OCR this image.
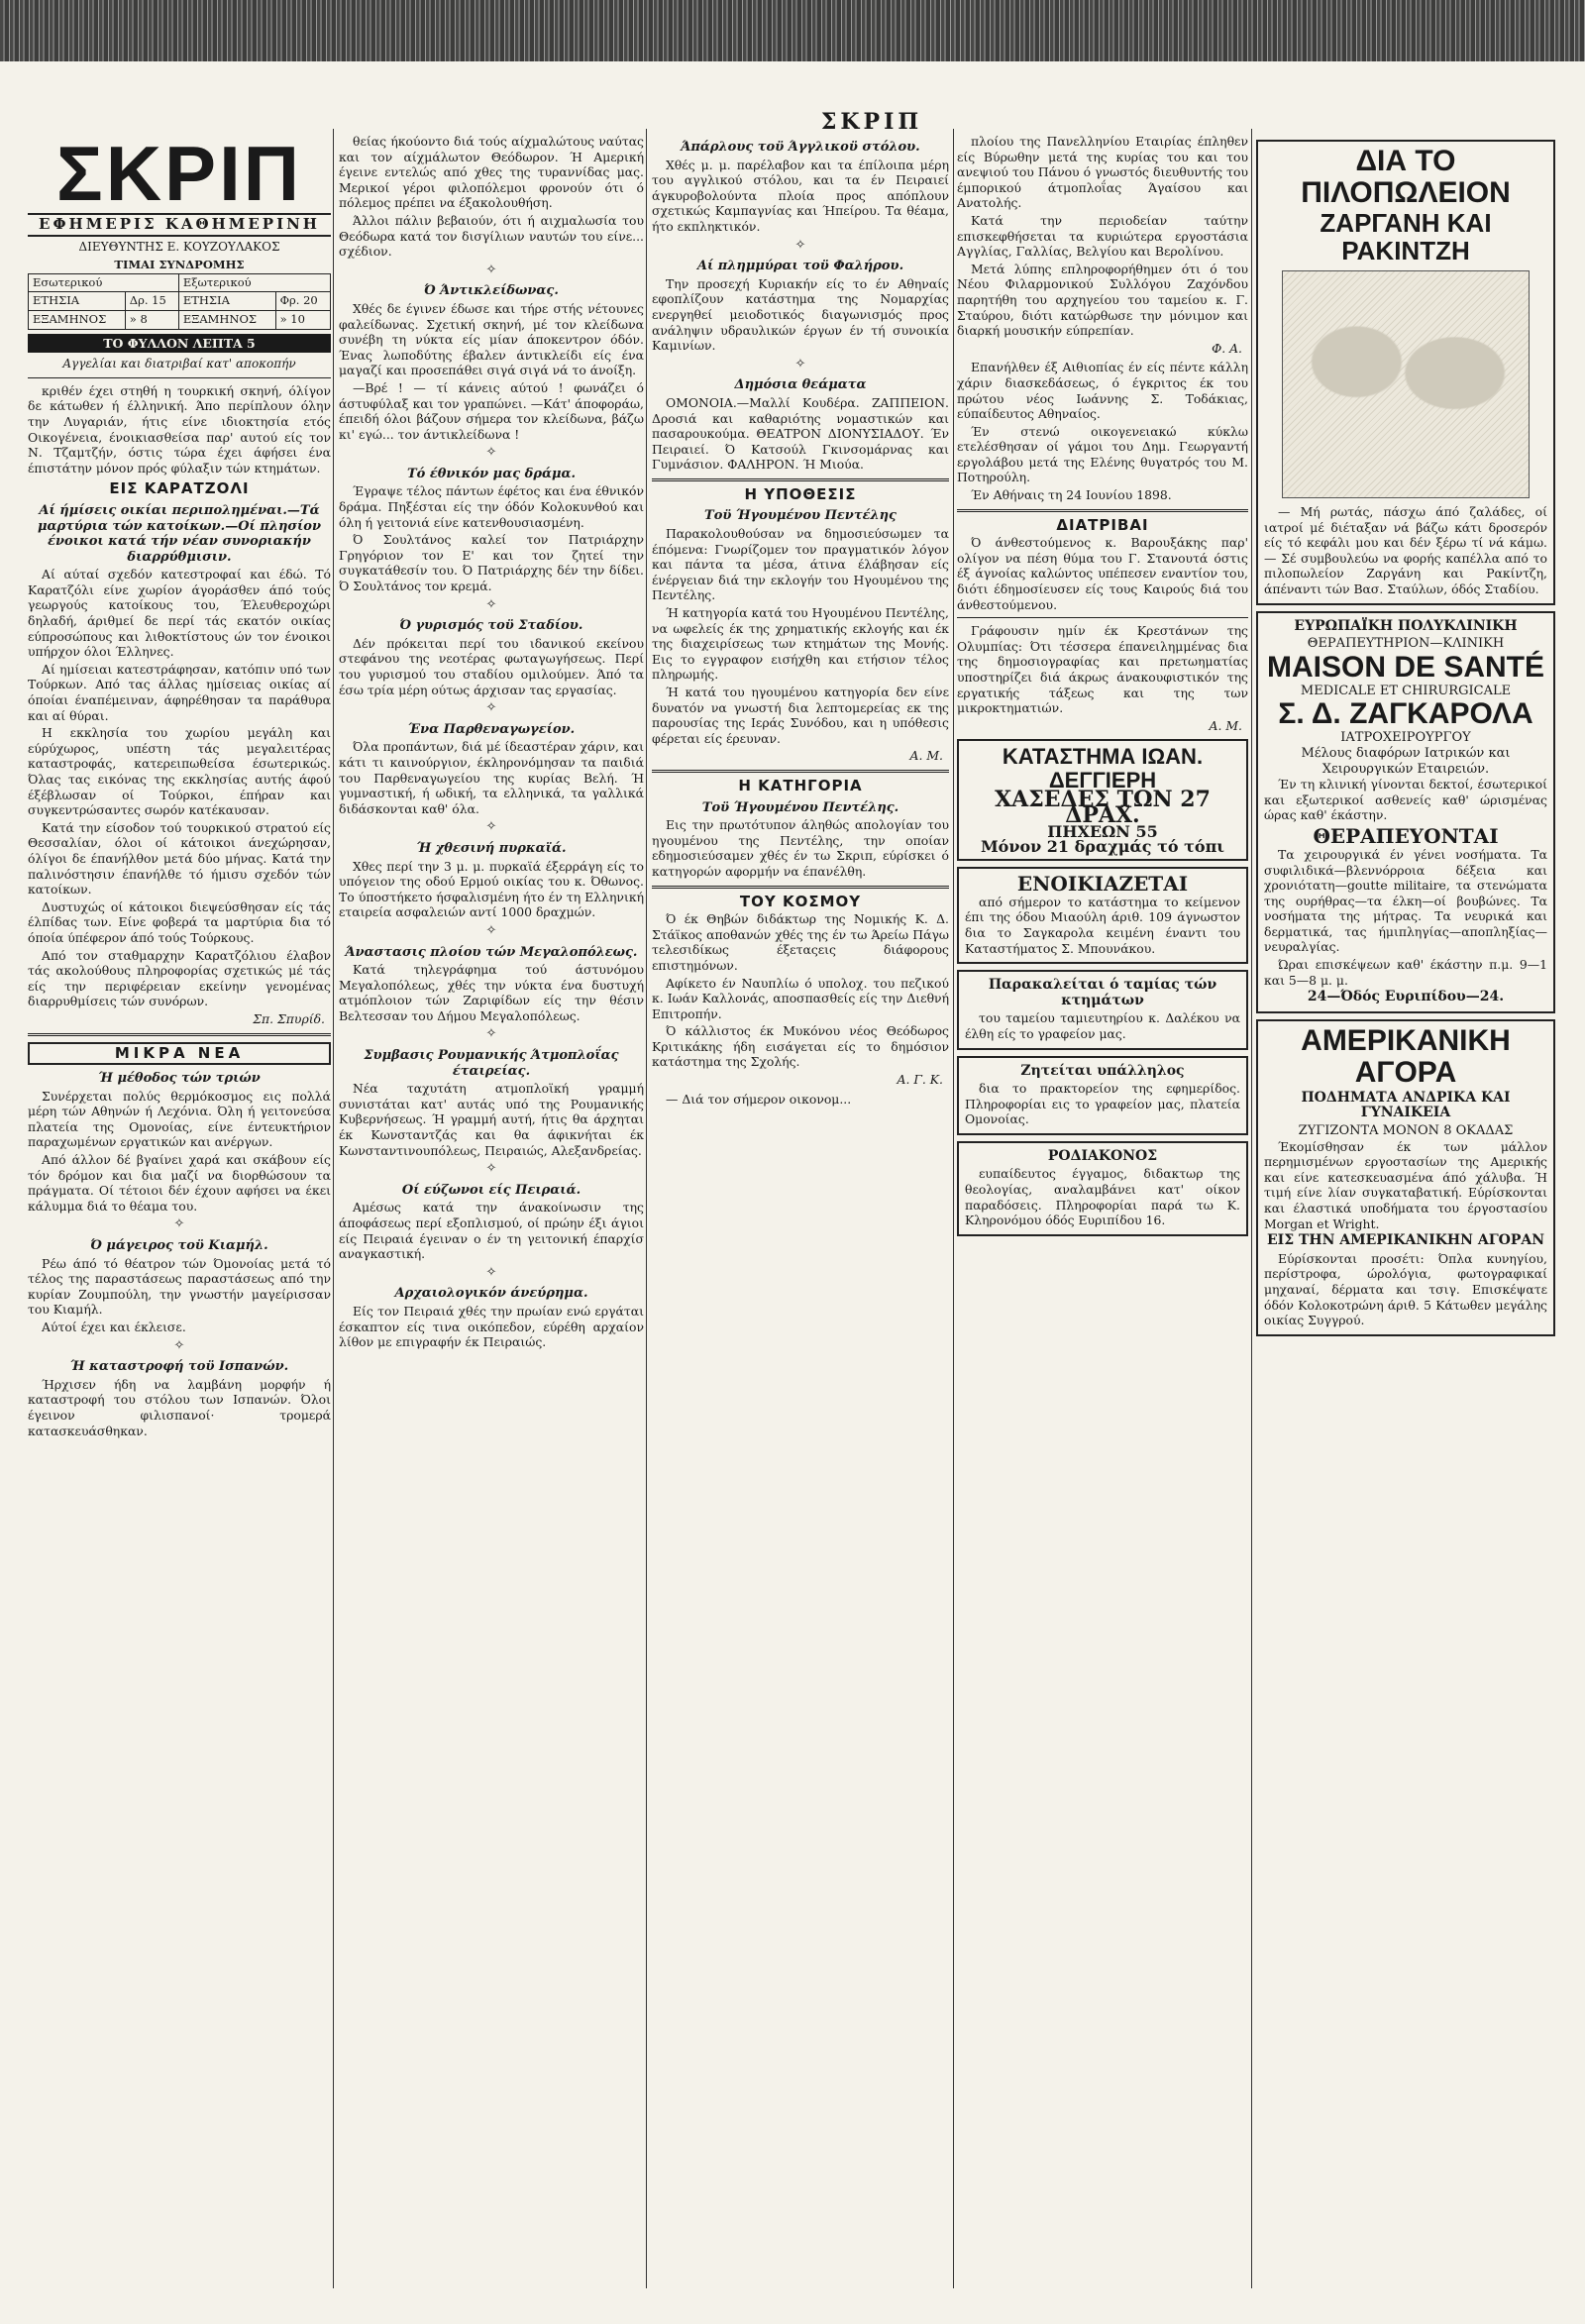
ΣΚΡΙΠ
ΣΚΡΙΠ
ΕΦΗΜΕΡΙΣ ΚΑΘΗΜΕΡΙΝΗ
ΔΙΕΥΘΥΝΤΗΣ Ε. ΚΟΥΖΟΥΛΑΚΟΣ
ΤΙΜΑΙ ΣΥΝΔΡΟΜΗΣ
Εσωτερικού		Εξωτερικού	
ΕΤΗΣΙΑ	Δρ. 15	ΕΤΗΣΙΑ	Φρ. 20
ΕΞΑΜΗΝΟΣ	» 8	ΕΞΑΜΗΝΟΣ	» 10
ΤΟ ΦΥΛΛΟΝ ΛΕΠΤΑ 5
Αγγελίαι και διατριβαί κατ' αποκοπήν

κριθέν έχει στηθή η τουρκική σκηνή, όλίγον δε κάτωθεν ή έλληνική. Άπο περίπλουν όλην την Λυγαριάν, ήτις είνε ιδιοκτησία ετός Οικογένεια, ένοικιασθείσα παρ' αυτού είς τον Ν. Τζαμτζήν, όστις τώρα έχει άφήσει ένα έπιστάτην μόνον πρός φύλαξιν τών κτημάτων.

ΕΙΣ ΚΑΡΑΤΖΟΛΙ
Αί ήμίσεις οικίαι περιπολημέναι.—Τά μαρτύρια τών κατοίκων.—Οί πλησίον ένοικοι κατά τήν νέαν συνοριακήν διαρρύθμισιν.

Αί αύταί σχεδόν κατεστροφαί και έδώ. Τό Καρατζόλι είνε χωρίον άγοράσθεν άπό τούς γεωργούς κατοίκους του, Έλευθεροχώρι δηλαδή, άριθμεί δε περί τάς εκατόν οικίας εύπροσώπους και λιθοκτίστους ών τον ένοικοι υπήρχον όλοι Έλληνες.

Αί ημίσειαι κατεστράφησαν, κατόπιν υπό των Τούρκων. Από τας άλλας ημίσειας οικίας αί όποίαι έναπέμειναν, άφηρέθησαν τα παράθυρα και αί θύραι.

Η εκκλησία του χωρίου μεγάλη και εύρύχωρος, υπέστη τάς μεγαλειτέρας καταστροφάς, κατερειπωθείσα έσωτερικώς. Όλας τας εικόνας της εκκλησίας αυτής άφού έξέβλωσαν οί Τούρκοι, έπήραν και συγκεντρώσαντες σωρόν κατέκαυσαν.

Κατά την είσοδον τού τουρκικού στρατού είς Θεσσαλίαν, όλοι οί κάτοικοι άνεχώρησαν, όλίγοι δε έπανήλθον μετά δύο μήνας. Κατά την παλινόστησιν έπανήλθε τό ήμισυ σχεδόν τών κατοίκων.

Δυστυχώς οί κάτοικοι διεψεύσθησαν είς τάς έλπίδας των. Είνε φοβερά τα μαρτύρια δια τό όποία ύπέφερον άπό τούς Τούρκους.

Από τον σταθμαρχην Καρατζόλιου έλαβον τάς ακολούθους πληροφορίας σχετικώς μέ τάς είς την περιφέρειαν εκείνην γενομένας διαρρυθμίσεις τών συνόρων.

Σπ. Σπυρίδ.
ΜΙΚΡΑ ΝΕΑ
Ή μέθοδος τών τριών

Συνέρχεται πολύς θερμόκοσμος εις πολλά μέρη τών Αθηνών ή Λεχόνια. Όλη ή γειτονεύσα πλατεία της Ομονοίας, είνε έντευκτήριον παραχωμένων εργατικών και ανέργων.

Από άλλον δέ βγαίνει χαρά και σκάβουν είς τόν δρόμον και δια μαζί να διορθώσουν τα πράγματα. Οί τέτοιοι δέν έχουν αφήσει να έκει κάλυμμα διά το θέαμα του.

✧
Ό μάγειρος τοϋ Κιαμήλ.

Ρέω άπό τό θέατρον τών Όμονοίας μετά τό τέλος της παραστάσεως παραστάσεως από την κυρίαν Ζουμπούλη, την γνωστήν μαγείρισσαν του Κιαμήλ.

Αύτοί έχει και έκλεισε.

✧
Ή καταστροφή τοϋ Ισπανών.

Ήρχισεν ήδη να λαμβάνη μορφήν ή καταστροφή του στόλου των Ισπανών. Όλοι έγεινον φιλισπανοί· τρομερά κατασκευάσθηκαν.

θείας ήκούοντο διά τούς αίχμαλώτους ναύτας και τον αίχμάλωτον Θεόδωρον. Ή Αμερική έγεινε εντελώς από χθες της τυραννίδας μας. Μερικοί γέροι φιλοπόλεμοι φρονούν ότι ό πόλεμος πρέπει να έξακολουθήση.

Άλλοι πάλιν βεβαιούν, ότι ή αιχμαλωσία του Θεόδωρα κατά τον δισγίλιων ναυτών του είνε... σχέδιον.

✧
Ό Άντικλείδωνας.

Χθές δε έγινεν έδωσε και τήρε στής νέτουνες φαλείδωνας. Σχετική σκηνή, μέ τον κλείδωνα συνέβη τη νύκτα είς μίαν άποκεντρον όδόν. Ένας λωποδύτης έβαλεν άντικλείδι είς ένα μαγαζί και προσεπάθει σιγά σιγά νά το άνοίξη.

—Βρέ ! — τί κάνεις αύτού ! φωνάζει ό άστυφύλαξ και τον γραπώνει. —Κάτ' άποφοράω, έπειδή όλοι βάζουν σήμερα τον κλείδωνα, βάζω κι' εγώ... τον άντικλείδωνα !

✧
Τό έθνικόν μας δράμα.

Έγραψε τέλος πάντων έφέτος και ένα έθνικόν δράμα. Πηξέσται είς την όδόν Κολοκυνθού και όλη ή γειτονιά είνε κατενθουσιασμένη.

Ό Σουλτάνος καλεί τον Πατριάρχην Γρηγόριον τον Ε' και τον ζητεί την συγκατάθεσίν του. Ό Πατριάρχης δέν την δίδει. Ό Σουλτάνος τον κρεμά.

✧
Ό γυρισμός τοϋ Σταδίου.

Δέν πρόκειται περί του ιδανικού εκείνου στεφάνου της νεοτέρας φωταγωγήσεως. Περί του γυρισμού του σταδίου ομιλούμεν. Άπό τα έσω τρία μέρη ούτως άρχισαν τας εργασίας.

✧
Ένα Παρθεναγωγείον.

Όλα προπάντων, διά μέ ίδεαστέραν χάριν, και κάτι τι καινούργιον, έκληρονόμησαν τα παιδιά του Παρθεναγωγείου της κυρίας Βελή. Ή γυμναστική, ή ωδική, τα ελληνικά, τα γαλλικά διδάσκονται καθ' όλα.

✧
Ή χθεσινή πυρκαϊά.

Χθες περί την 3 μ. μ. πυρκαϊά έξερράγη είς το υπόγειον της οδού Ερμού οικίας του κ. Όθωνος. Το ύποστήκετο ήσφαλισμένη ήτο έν τη Ελληνική εταιρεία ασφαλειών αντί 1000 δραχμών.

✧
Άναστασις πλοίου τών Μεγαλοπόλεως.

Κατά τηλεγράφημα τού άστυνόμου Μεγαλοπόλεως, χθές την νύκτα ένα δυστυχή ατμόπλοιον τών Ζαριφίδων είς την θέσιν Βελτεσσαν του Δήμου Μεγαλοπόλεως.

✧
Συμβασις Ρουμανικής Άτμοπλοΐας έταιρείας.

Νέα ταχυτάτη ατμοπλοϊκή γραμμή συνιστάται κατ' αυτάς υπό της Ρουμανικής Κυβερνήσεως. Ή γραμμή αυτή, ήτις θα άρχηται έκ Κωνσταντζάς και θα άφικνήται έκ Κωνσταντινουπόλεως, Πειραιώς, Αλεξανδρείας.

✧
Οί εύζωνοι είς Πειραιά.

Αμέσως κατά την άνακοίνωσιν της άποφάσεως περί εξοπλισμού, οί πρώην έξι άγιοι είς Πειραιά έγειναν ο έν τη γειτονική έπαρχίσ αναγκαστική.

✧
Αρχαιολογικόν άνεύρημα.

Είς τον Πειραιά χθές την πρωίαν ενώ εργάται έσκαπτον είς τινα οικόπεδον, εύρέθη αρχαίον λίθον με επιγραφήν έκ Πειραιώς.

Άπάρλους τοϋ Άγγλικοϋ στόλου.

Χθές μ. μ. παρέλαβον και τα έπίλοιπα μέρη του αγγλικού στόλου, και τα έν Πειραιεί άγκυροβολούντα πλοία προς απόπλουν σχετικώς Καμπαγνίας και Ήπείρου. Τα θέαμα, ήτο εκπληκτικόν.

✧
Αί πλημμύραι τοϋ Φαλήρου.

Την προσεχή Κυριακήν είς το έν Αθηναίς εφοπλίζουν κατάστημα της Νομαρχίας ενεργηθεί μειοδοτικός διαγωνισμός προς ανάληψιν υδραυλικών έργων έν τή συνοικία Καμινίων.

✧
Δημόσια θεάματα

ΟΜΟΝΟΙΑ.—Μαλλί Κουδέρα. ΖΑΠΠΕΙΟΝ. Δροσιά και καθαριότης νομαστικών και πασαρουκούμα. ΘΕΑΤΡΟΝ ΔΙΟΝΥΣΙΑΔΟΥ. Έν Πειραιεί. Ό Κατσούλ Γκινσομάρνας και Γυμνάσιον. ΦΑΛΗΡΟΝ. Ή Μιούα.

Η ΥΠΟΘΕΣΙΣ
Τοϋ Ήγουμένου Πεντέλης

Παρακολουθούσαν να δημοσιεύσωμεν τα έπόμενα: Γνωρίζομεν τον πραγματικόν λόγον και πάντα τα μέσα, άτινα έλάβησαν είς ένέργειαν διά την εκλογήν του Ηγουμένου της Πεντέλης.

Ή κατηγορία κατά του Ηγουμένου Πεντέλης, να ωφελείς έκ της χρηματικής εκλογής και έκ της διαχειρίσεως των κτημάτων της Μονής. Εις το εγγραφον εισήχθη και ετήσιον τέλος πληρωμής.

Ή κατά του ηγουμένου κατηγορία δεν είνε δυνατόν να γνωστή δια λεπτομερείας εκ της παρουσίας της Ιεράς Συνόδου, και η υπόθεσις φέρεται είς έρευναν.

Α. Μ.
Η ΚΑΤΗΓΟΡΙΑ
Τοϋ Ήγουμένου Πεντέλης.

Εις την πρωτότυπον άληθώς απολογίαν του ηγουμένου της Πεντέλης, την οποίαν εδημοσιεύσαμεν χθές έν τω Σκριπ, εύρίσκει ό κατηγορών αφορμήν να έπανέλθη.

ΤΟΥ ΚΟΣΜΟΥ

Ό έκ Θηβών διδάκτωρ της Νομικής Κ. Δ. Στάϊκος αποθανών χθές της έν τω Άρείω Πάγω τελεσιδίκως έξεταςεις διάφορους επιστημόνων.

Αφίκετο έν Ναυπλίω ό υπολοχ. του πεζικού κ. Ιωάν Καλλονάς, αποσπασθείς είς την Διεθνή Επιτροπήν.

Ό κάλλιστος έκ Μυκόνου νέος Θεόδωρος Κριτικάκης ήδη εισάγεται είς το δημόσιον κατάστημα της Σχολής.

Α. Γ. Κ.

— Διά τον σήμερον οικονομ...

πλοίου της Πανελληνίου Εταιρίας έπληθεν είς Βύρωθην μετά της κυρίας του και του ανεψιού του Πάνου ό γνωστός διευθυντής του έμπορικού άτμοπλοΐας Άγαίσου και Ανατολής.

Κατά την περιοδείαν ταύτην επισκεφθήσεται τα κυριώτερα εργοστάσια Αγγλίας, Γαλλίας, Βελγίου και Βερολίνου.

Μετά λύπης επληροφορήθημεν ότι ό του Νέου Φιλαρμονικού Συλλόγου Ζαχόνδου παρητήθη του αρχηγείου του ταμείου κ. Γ. Σταύρου, διότι κατώρθωσε την μόνιμον και διαρκή μουσικήν εύπρεπίαν.

Φ. Α.

Επανήλθεν έξ Αιθιοπίας έν είς πέντε κάλλη χάριν διασκεδάσεως, ό έγκριτος έκ του πρώτου νέος Ιωάννης Σ. Τοδάκιας, εύπαίδευτος Αθηναίος.

Έν στενώ οικογενειακώ κύκλω ετελέσθησαν οί γάμοι του Δημ. Γεωργαντή εργολάβου μετά της Ελένης θυγατρός του Μ. Ποτηρούλη.

Έν Αθήναις τη 24 Ιουνίου 1898.

ΔΙΑΤΡΙΒΑΙ

Ό άνθεστούμενος κ. Βαρουξάκης παρ' ολίγον να πέση θύμα του Γ. Στανουτά όστις έξ άγνοίας καλώντος υπέπεσεν εναντίον του, διότι έδημοσίευσεν είς τους Καιρούς διά του άνθεστούμενου.

Γράφουσιν ημίν έκ Κρεστάνων της Ολυμπίας: Ότι τέσσερα έπανειλημμένας δια της δημοσιογραφίας και πρετωηματίας υποστηρίζει διά άκρως άνακουφιστικόν της εργατικής τάξεως και της των μικροκτηματιών.

Α. Μ.
ΚΑΤΑΣΤΗΜΑ ΙΩΑΝ. ΔΕΓΓΙΕΡΗ
ΧΑΣΕΔΕΣ ΤΩΝ 27 ΔΡΑΧ.
ΠΗΧΕΩΝ 55
Μόνον 21 δραχμάς τό τόπι
ΕΝΟΙΚΙΑΖΕΤΑΙ

από σήμερον το κατάστημα το κείμενον έπι της όδου Μιαούλη άριθ. 109 άγνωστον δια το Σαγκαρολα κειμένη έναντι του Καταστήματος Σ. Μπουνάκου.

Παρακαλείται ό ταμίας τών κτημάτων

του ταμείου ταμιευτηρίου κ. Δαλέκου να έλθη είς το γραφείον μας.

Ζητείται υπάλληλος

δια το πρακτορείον της εφημερίδος. Πληροφορίαι εις το γραφείον μας, πλατεία Ομονοίας.

ΡΟΔΙΑΚΟΝΟΣ

ευπαίδευτος έγγαμος, διδακτωρ της θεολογίας, αναλαμβάνει κατ' οίκον παραδόσεις. Πληροφορίαι παρά τω Κ. Κληρονόμου όδός Ευριπίδου 16.

ΔΙΑ ΤΟ ΠΙΛΟΠΩΛΕΙΟΝ
ΖΑΡΓΑΝΗ ΚΑΙ ΡΑΚΙΝΤΖΗ

— Μή ρωτάς, πάσχω άπό ζαλάδες, οί ιατροί μέ διέταξαν νά βάζω κάτι δροσερόν είς τό κεφάλι μου και δέν ξέρω τί νά κάμω. — Σέ συμβουλεύω να φορής καπέλλα από το πιλοπωλείον Ζαργάνη και Ρακίντζη, άπέναντι τών Βασ. Σταύλων, όδός Σταδίου.

ΕΥΡΩΠΑΪΚΗ ΠΟΛΥΚΛΙΝΙΚΗ
ΘΕΡΑΠΕΥΤΗΡΙΟΝ—ΚΛΙΝΙΚΗ
MAISON DE SANTÉ
MEDICALE ET CHIRURGICALE
Σ. Δ. ΖΑΓΚΑΡΟΛΑ
ΙΑΤΡΟΧΕΙΡΟΥΡΓΟΥ
Μέλους διαφόρων Ιατρικών και Χειρουργικών Εταιρειών.

Έν τη κλινική γίνονται δεκτοί, έσωτερικοί και εξωτερικοί ασθενείς καθ' ώρισμένας ώρας καθ' έκάστην.

ΘΕΡΑΠΕΥΟΝΤΑΙ

Τα χειρουργικά έν γένει νοσήματα. Τα συφιλιδικά—βλεννόρροια δέξεια και χρονιότατη—goutte militaire, τα στενώματα της ουρήθρας—τα έλκη—οί βουβώνες. Τα νοσήματα της μήτρας. Τα νευρικά και δερματικά, τας ήμιπληγίας—αποπληξίας—νευραλγίας.

Ώραι επισκέψεων καθ' έκάστην π.μ. 9—1 και 5—8 μ. μ.

24—Όδός Ευριπίδου—24.
ΑΜΕΡΙΚΑΝΙΚΗ ΑΓΟΡΑ
ΠΟΔΗΜΑΤΑ ΑΝΔΡΙΚΑ ΚΑΙ ΓΥΝΑΙΚΕΙΑ
ΖΥΓΙΖΟΝΤΑ ΜΟΝΟΝ 8 ΟΚΑΔΑΣ

Έκομίσθησαν έκ των μάλλον περημισμένων εργοστασίων της Αμερικής και είνε κατεσκευασμένα άπό χάλυβα. Ή τιμή είνε λίαν συγκαταβατική. Εύρίσκονται και έλαστικά υποδήματα του έργοστασίου Morgan et Wright.

ΕΙΣ ΤΗΝ ΑΜΕΡΙΚΑΝΙΚΗΝ ΑΓΟΡΑΝ

Εύρίσκονται προσέτι: Όπλα κυνηγίου, περίστροφα, ώρολόγια, φωτογραφικαί μηχαναί, δέρματα και τσιγ. Επισκέψατε όδόν Κολοκοτρώνη άριθ. 5 Κάτωθεν μεγάλης οικίας Συγγρού.
